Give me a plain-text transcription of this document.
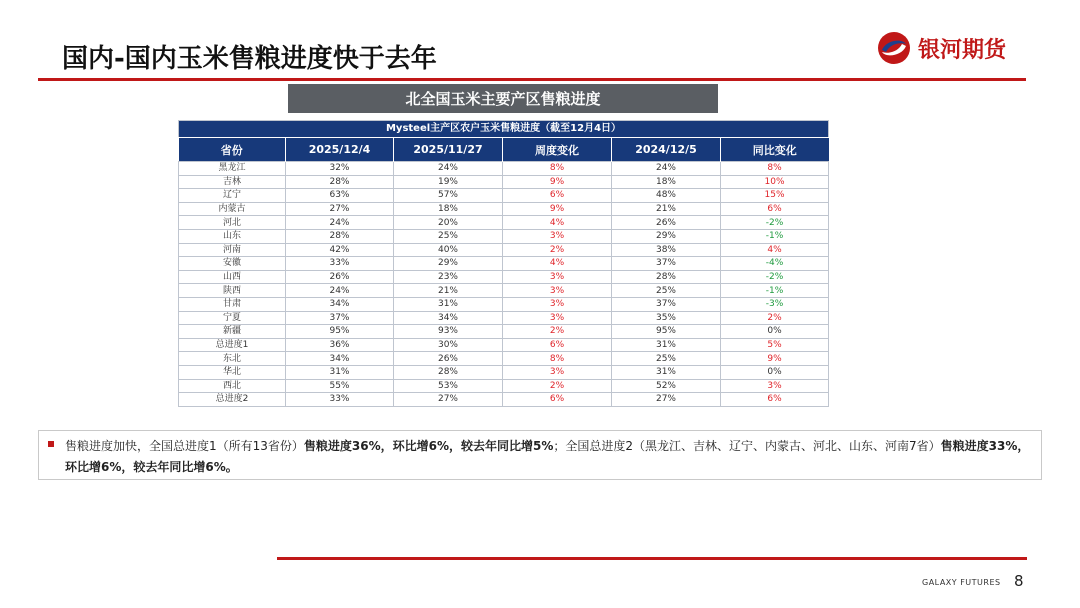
国内-国内玉米售粮进度快于去年	银河期货
北全国玉米主要产区售粮进度
Mysteel主产区农户玉米售粮进度（截至12月4日）					
省份	2025/12/4	2025/11/27	周度变化	2024/12/5	同比变化
黑龙江	32%	24%	8%	24%	8%
吉林	28%	19%	9%	18%	10%
辽宁	63%	57%	6%	48%	15%
内蒙古	27%	18%	9%	21%	6%
河北	24%	20%	4%	26%	-2%
山东	28%	25%	3%	29%	-1%
河南	42%	40%	2%	38%	4%
安徽	33%	29%	4%	37%	-4%
山西	26%	23%	3%	28%	-2%
陕西	24%	21%	3%	25%	-1%
甘肃	34%	31%	3%	37%	-3%
宁夏	37%	34%	3%	35%	2%
新疆	95%	93%	2%	95%	0%
总进度1	36%	30%	6%	31%	5%
东北	34%	26%	8%	25%	9%
华北	31%	28%	3%	31%	0%
西北	55%	53%	2%	52%	3%
总进度2	33%	27%	6%	27%	6%
售粮进度加快，全国总进度1（所有13省份）售粮进度36%，环比增6%，较去年同比增5%；全国总进度2（黑龙江、吉林、辽宁、内蒙古、河北、山东、河南7省）售粮进度33%，环比增6%，较去年同比增6%。
GALAXY FUTURES 8
